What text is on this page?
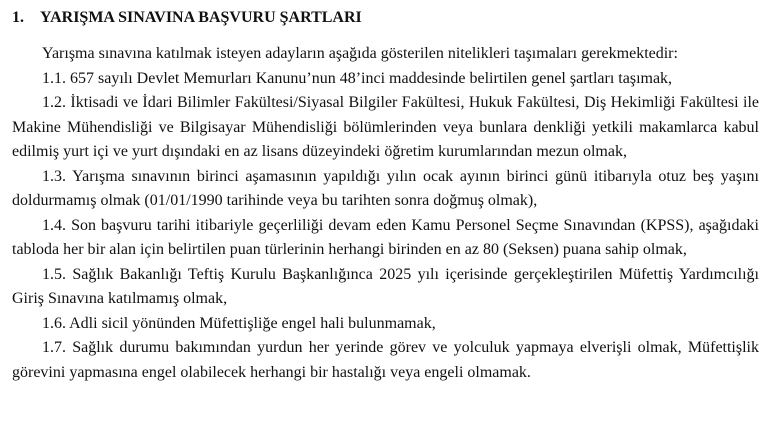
1. YARIŞMA SINAVINA BAŞVURU ŞARTLARI

Yarışma sınavına katılmak isteyen adayların aşağıda gösterilen nitelikleri taşımaları gerekmektedir:

1.1. 657 sayılı Devlet Memurları Kanunu’nun 48’inci maddesinde belirtilen genel şartları taşımak,

1.2. İktisadi ve İdari Bilimler Fakültesi/Siyasal Bilgiler Fakültesi, Hukuk Fakültesi, Diş Hekimliği Fakültesi ile Makine Mühendisliği ve Bilgisayar Mühendisliği bölümlerinden veya bunlara denkliği yetkili makamlarca kabul edilmiş yurt içi ve yurt dışındaki en az lisans düzeyindeki öğretim kurumlarından mezun olmak,

1.3. Yarışma sınavının birinci aşamasının yapıldığı yılın ocak ayının birinci günü itibarıyla otuz beş yaşını doldurmamış olmak (01/01/1990 tarihinde veya bu tarihten sonra doğmuş olmak),

1.4. Son başvuru tarihi itibariyle geçerliliği devam eden Kamu Personel Seçme Sınavından (KPSS), aşağıdaki tabloda her bir alan için belirtilen puan türlerinin herhangi birinden en az 80 (Seksen) puana sahip olmak,

1.5. Sağlık Bakanlığı Teftiş Kurulu Başkanlığınca 2025 yılı içerisinde gerçekleştirilen Müfettiş Yardımcılığı Giriş Sınavına katılmamış olmak,

1.6. Adli sicil yönünden Müfettişliğe engel hali bulunmamak,

1.7. Sağlık durumu bakımından yurdun her yerinde görev ve yolculuk yapmaya elverişli olmak, Müfettişlik görevini yapmasına engel olabilecek herhangi bir hastalığı veya engeli olmamak.
